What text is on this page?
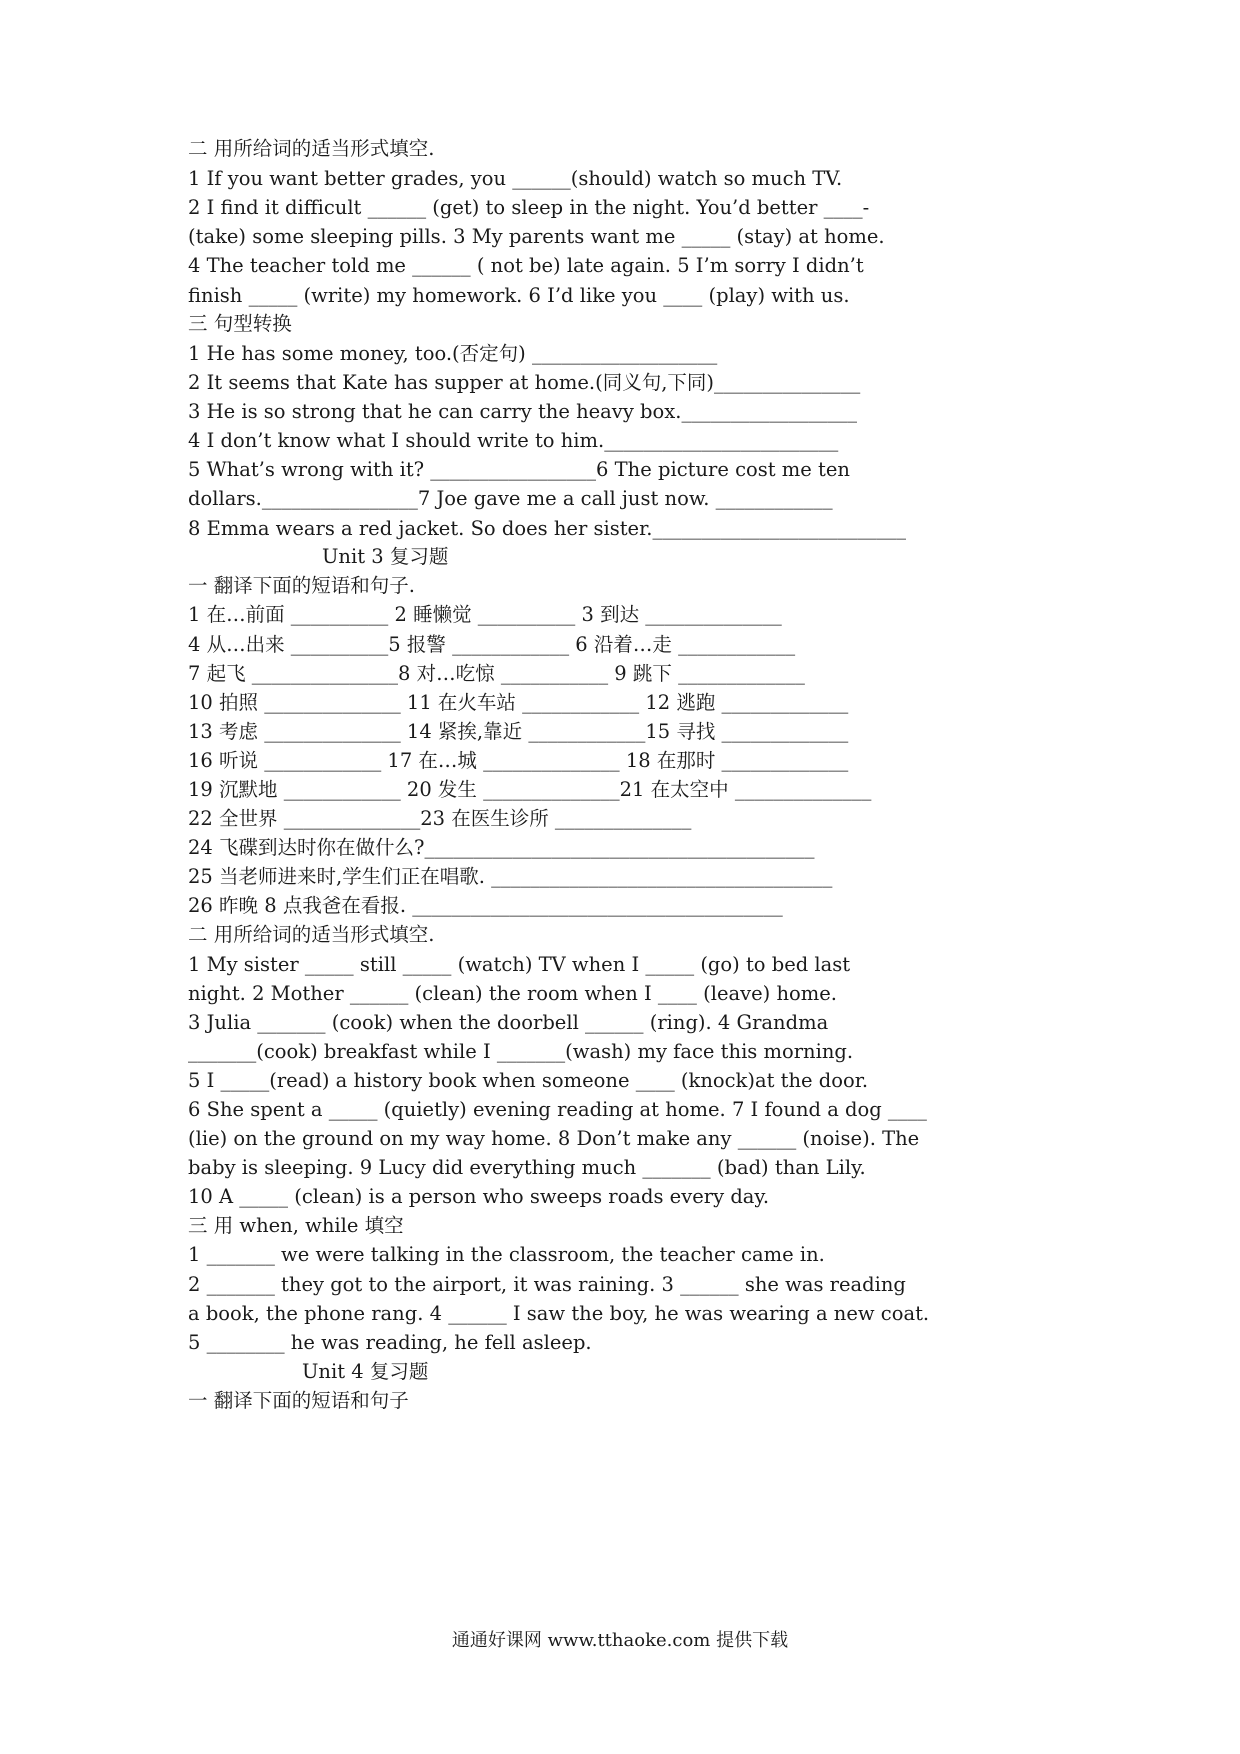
二 用所给词的适当形式填空.
1 If you want better grades, you ______(should) watch so much TV.
2 I find it difficult ______ (get) to sleep in the night. You’d better ____-
(take) some sleeping pills. 3 My parents want me _____ (stay) at home.
4 The teacher told me ______ ( not be) late again. 5 I’m sorry I didn’t
finish _____ (write) my homework. 6 I’d like you ____ (play) with us.
三 句型转换
1 He has some money, too.(否定句) ___________________
2 It seems that Kate has supper at home.(同义句,下同)_______________
3 He is so strong that he can carry the heavy box.__________________
4 I don’t know what I should write to him.________________________
5 What’s wrong with it? _________________6 The picture cost me ten
dollars.________________7 Joe gave me a call just now. ____________
8 Emma wears a red jacket. So does her sister.__________________________
Unit 3 复习题
一 翻译下面的短语和句子.
1 在…前面 __________ 2 睡懒觉 __________ 3 到达 ______________
4 从…出来 __________5 报警 ____________ 6 沿着…走 ____________
7 起飞 _______________8 对…吃惊 ___________ 9 跳下 _____________
10 拍照 ______________ 11 在火车站 ____________ 12 逃跑 _____________
13 考虑 ______________ 14 紧挨,靠近 ____________15 寻找 _____________
16 听说 ____________ 17 在…城 ______________ 18 在那时 _____________
19 沉默地 ____________ 20 发生 ______________21 在太空中 ______________
22 全世界 ______________23 在医生诊所 ______________
24 飞碟到达时你在做什么?________________________________________
25 当老师进来时,学生们正在唱歌. ___________________________________
26 昨晚 8 点我爸在看报. ______________________________________
二 用所给词的适当形式填空.
1 My sister _____ still _____ (watch) TV when I _____ (go) to bed last
night. 2 Mother ______ (clean) the room when I ____ (leave) home.
3 Julia _______ (cook) when the doorbell ______ (ring). 4 Grandma
_______(cook) breakfast while I _______(wash) my face this morning.
5 I _____(read) a history book when someone ____ (knock)at the door.
6 She spent a _____ (quietly) evening reading at home. 7 I found a dog ____
(lie) on the ground on my way home. 8 Don’t make any ______ (noise). The
baby is sleeping. 9 Lucy did everything much _______ (bad) than Lily.
10 A _____ (clean) is a person who sweeps roads every day.
三 用 when, while 填空
1 _______ we were talking in the classroom, the teacher came in.
2 _______ they got to the airport, it was raining. 3 ______ she was reading
a book, the phone rang. 4 ______ I saw the boy, he was wearing a new coat.
5 ________ he was reading, he fell asleep.
Unit 4 复习题
一 翻译下面的短语和句子
通通好课网 www.tthaoke.com 提供下载
